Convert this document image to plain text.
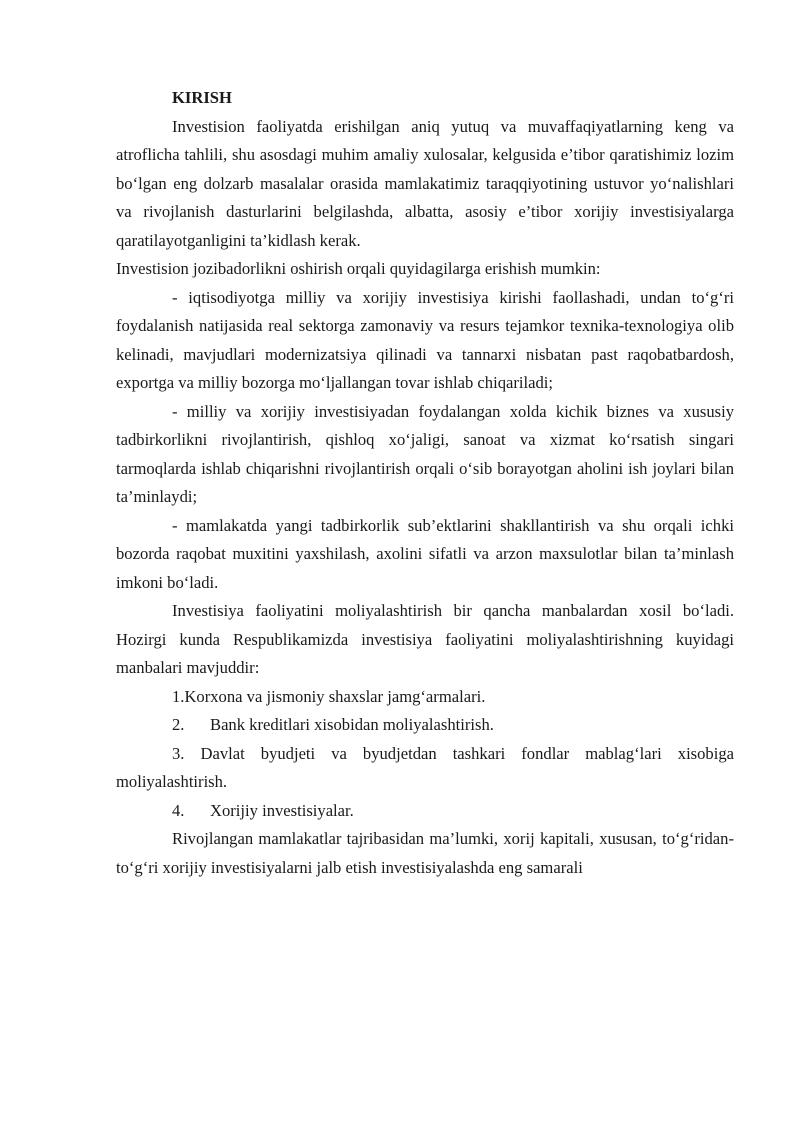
KIRISH

Investision faoliyatda erishilgan aniq yutuq va muvaffaqiyatlarning keng va atroflicha tahlili, shu asosdagi muhim amaliy xulosalar, kelgusida e’tibor qaratishimiz lozim bo‘lgan eng dolzarb masalalar orasida mamlakatimiz taraqqiyotining ustuvor yo‘nalishlari va rivojlanish dasturlarini belgilashda, albatta, asosiy e’tibor xorijiy investisiyalarga qaratilayotganligini ta’kidlash kerak.

Investision jozibadorlikni oshirish orqali quyidagilarga erishish mumkin:

- iqtisodiyotga milliy va xorijiy investisiya kirishi faollashadi, undan to‘g‘ri foydalanish natijasida real sektorga zamonaviy va resurs tejamkor texnika-texnologiya olib kelinadi, mavjudlari modernizatsiya qilinadi va tannarxi nisbatan past raqobatbardosh, exportga va milliy bozorga mo‘ljallangan tovar ishlab chiqariladi;

- milliy va xorijiy investisiyadan foydalangan xolda kichik biznes va xususiy tadbirkorlikni rivojlantirish, qishloq xo‘jaligi, sanoat va xizmat ko‘rsatish singari tarmoqlarda ishlab chiqarishni rivojlantirish orqali o‘sib borayotgan aholini ish joylari bilan ta’minlaydi;

- mamlakatda yangi tadbirkorlik sub’ektlarini shakllantirish va shu orqali ichki bozorda raqobat muxitini yaxshilash, axolini sifatli va arzon maxsulotlar bilan ta’minlash imkoni bo‘ladi.

Investisiya faoliyatini moliyalashtirish bir qancha manbalardan xosil bo‘ladi. Hozirgi kunda Respublikamizda investisiya faoliyatini moliyalashtirishning kuyidagi manbalari mavjuddir:

1.Korxona va jismoniy shaxslar jamg‘armalari.

2. Bank kreditlari xisobidan moliyalashtirish.

3. Davlat byudjeti va byudjetdan tashkari fondlar mablag‘lari xisobiga moliyalashtirish.

4. Xorijiy investisiyalar.

Rivojlangan mamlakatlar tajribasidan ma’lumki, xorij kapitali, xususan, to‘g‘ridan-to‘g‘ri xorijiy investisiyalarni jalb etish investisiyalashda eng samarali
